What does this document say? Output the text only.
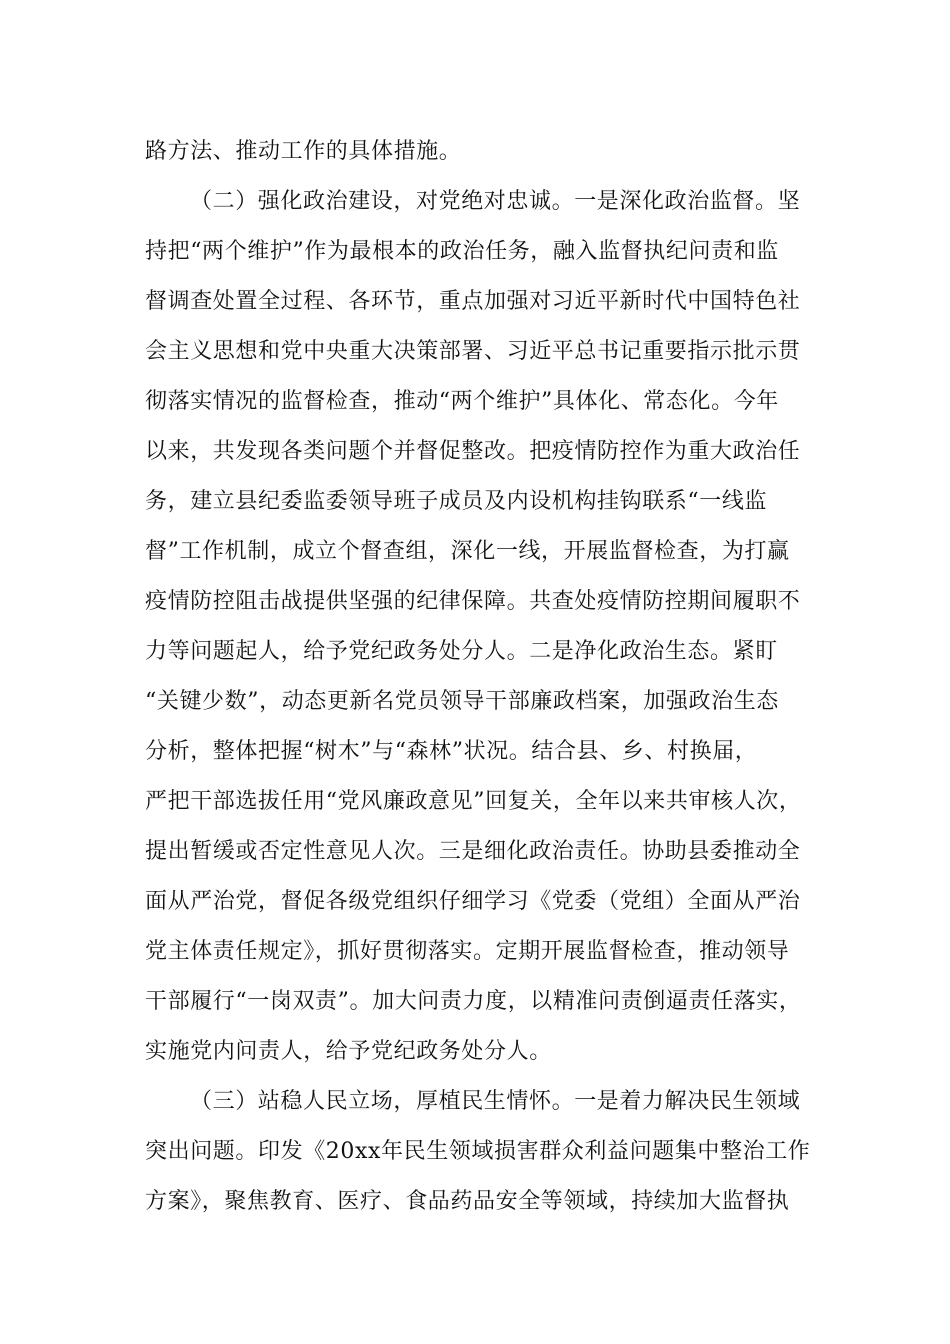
路方法、推动工作的具体措施。
（二）强化政治建设，对党绝对忠诚。一是深化政治监督。坚
持把“两个维护”作为最根本的政治任务，融入监督执纪问责和监
督调查处置全过程、各环节，重点加强对习近平新时代中国特色社
会主义思想和党中央重大决策部署、习近平总书记重要指示批示贯
彻落实情况的监督检查，推动“两个维护”具体化、常态化。今年
以来，共发现各类问题个并督促整改。把疫情防控作为重大政治任
务，建立县纪委监委领导班子成员及内设机构挂钩联系“一线监
督”工作机制，成立个督查组，深化一线，开展监督检查，为打赢
疫情防控阻击战提供坚强的纪律保障。共查处疫情防控期间履职不
力等问题起人，给予党纪政务处分人。二是净化政治生态。紧盯
“关键少数”，动态更新名党员领导干部廉政档案，加强政治生态
分析，整体把握“树木”与“森林”状况。结合县、乡、村换届，
严把干部选拔任用“党风廉政意见”回复关，全年以来共审核人次，
提出暂缓或否定性意见人次。三是细化政治责任。协助县委推动全
面从严治党，督促各级党组织仔细学习《党委（党组）全面从严治
党主体责任规定》，抓好贯彻落实。定期开展监督检查，推动领导
干部履行“一岗双责”。加大问责力度，以精准问责倒逼责任落实，
实施党内问责人，给予党纪政务处分人。
（三）站稳人民立场，厚植民生情怀。一是着力解决民生领域
突出问题。印发《20xx年民生领域损害群众利益问题集中整治工作
方案》，聚焦教育、医疗、食品药品安全等领域，持续加大监督执
